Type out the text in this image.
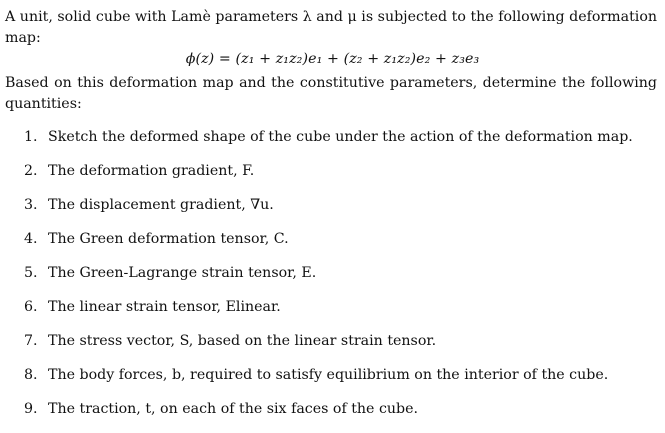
A unit, solid cube with Lamè parameters λ and μ is subjected to the following deformation map:
ϕ(z) = (z₁ + z₁z₂)e₁ + (z₂ + z₁z₂)e₂ + z₃e₃
Based on this deformation map and the constitutive parameters, determine the following quantities:
1. Sketch the deformed shape of the cube under the action of the deformation map.
2. The deformation gradient, F.
3. The displacement gradient, ∇u.
4. The Green deformation tensor, C.
5. The Green-Lagrange strain tensor, E.
6. The linear strain tensor, Elinear.
7. The stress vector, S, based on the linear strain tensor.
8. The body forces, b, required to satisfy equilibrium on the interior of the cube.
9. The traction, t, on each of the six faces of the cube.
